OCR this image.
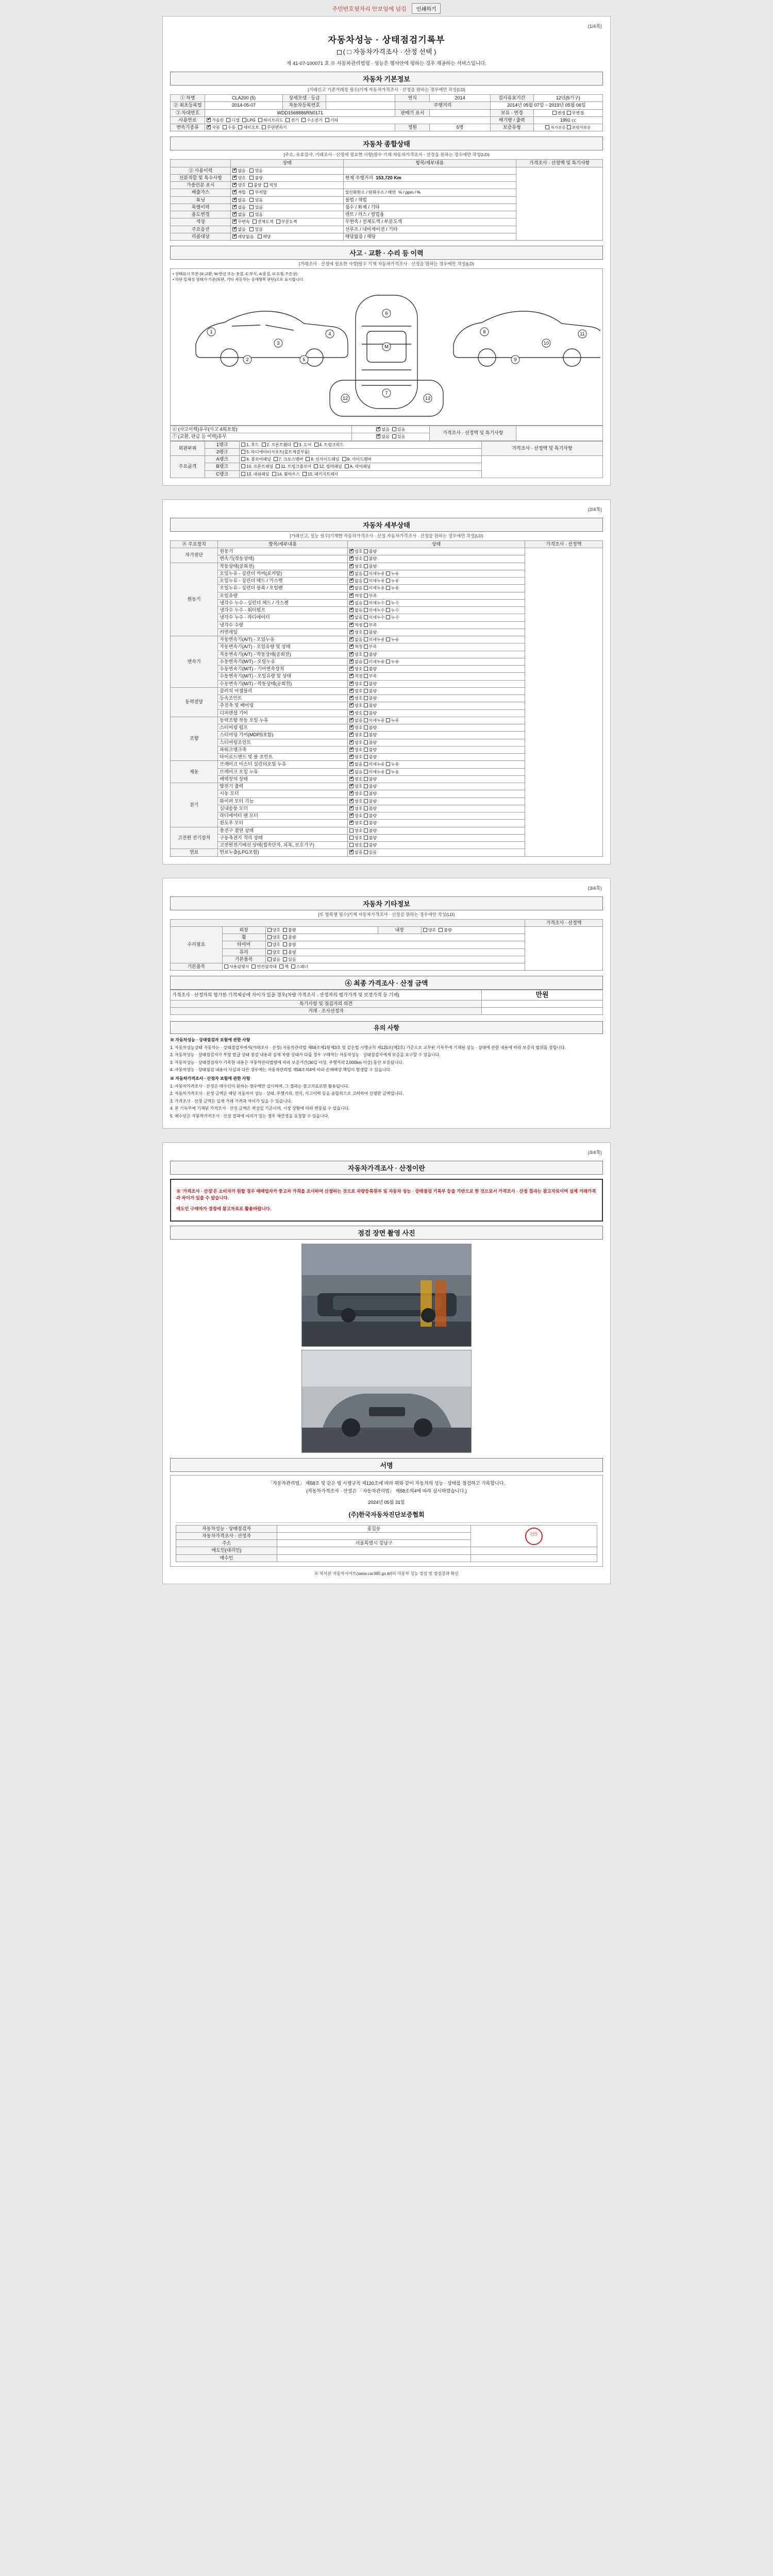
주민번호뒷자리 안보임에 넘김	인쇄하기
(1/4쪽)
자동차성능 · 상태점검기록부
( □ 자동차가격조사 · 산정 선택 )
제 41-07-100071 호 ※ 자동차관리법령 · 성능은 행사안에 평하는 경우 제공하는 서비스입니다.
자동차 기본정보
[거래신고 기준거래정 필수]기재 자동차가격조사 · 산정을 원하는 경우에만 작성(LD)
① 차명	CLA200 (5)	상세모델 · 등급		연식	2014	검사유효기간	12년(5기구)
② 최초등록일	2014-05-07	자동차등록번호		주행거리		2014년 05월 07일 ~ 2019년 05월 06일	
③ 차대번호	WDD1568886RN0171			판매기 표시		보유 · 변경	변경 무변경
사용연료	✔가솔린 디젤 LPG 하이브리드 전기 수소전기 기타					배기량 / 출력	1991 ㏄
변속기종류	✔자동 수동 세미오토 무단변속기			정원	5명	보증유형	자가보증 보험사보증
자동차 종합상태
[주요, 유효검사, 거래조사 · 산정에 필요한 사항]필수 기재 자동차가격조사 · 산정을 원하는 경우에만 작성(LD)
	상태	항목/세부내용	가격조사 · 산정액 및 특기사항
⑤ 사용이력	✔없음 있음		
선분적합 및 특수사항	✔양호 불량	현재 주행거리 153,720 Km	
가솔린분 표시	✔양호 불량 적정	
배출가스	✔적합 부적합	일산화탄소 / 탄화수소 / 매연 % / ppm / %	
튜닝	✔없음 있음	불법 / 적법	
특별이력	✔없음 있음	침수 / 화재 / 기타	
용도변경	✔없음 있음	렌트 / 리스 / 영업용	
색상	✔무변속 전체도색 부분도색	무변속 / 전체도색 / 부분도색	
주요옵션	✔없음 있음	선루프 / 내비게이션 / 기타	
리콜대상	✔해당없음 해당	해당없음 / 해당	
사고 · 교환 · 수리 등 이력
[거래조사 · 산정에 필요한 사항]필수 기재 자동차가격조사 · 산정을 원하는 경우에만 작성(LD)
• 상태표시 부분 (X:교환, W:판금 또는 용접, C:부식, A:흠집, U:요철, T:손상)
• 하단 일체성 상태가 기준(외판, 기타 자동차는 상세항목 판단)으로 표시합니다.
1
2
3
4
5
6
M
7
8
9
10
11
12	13
⑥ (사고이력)유무(사고 4회포함)	✔없음 있음	가격조사 · 산정액 및 특기사항	
⑦ (교환, 판금 등 이력)유무	✔없음 있음
외판부위	1랭크	1. 후드 2. 프론트휀더 3. 도어 4. 트렁크리드	가격조사 · 산정액 및 특기사항
	2랭크	5. 라디에이터서포트(볼트체결부품)	
주요골격	A랭크	6. 플로어패널 7. 크로스멤버 8. 인사이드패널 9. 사이드멤버	
	B랭크	10. 프론트패널 11. 트렁크플로어 12. 필러패널 A. 리어패널	
	C랭크	13. 대쉬패널 14. 휠하우스 15. 패키지트레이	
(2/4쪽)
자동차 세부상태
[거래신고, 성능 필수]기재한 자동차가격조사 · 산정 자동차가격조사 · 산정을 원하는 경우에만 작성(LD)
⑧ 주요장치	항목/세부내용	상태	가격조사 · 산정액
자가진단	원동기	✔양호 불량	
	변속기(작동상태)	✔양호 불량
원동기	작동상태(공회전)	✔양호 불량
	오일누유 - 실린더 커버(로커암)	✔없음 미세누유 누유
	오일누유 - 실린더 헤드 / 가스켓	✔없음 미세누유 누유
	오일누유 - 실린더 블록 / 오일팬	✔없음 미세누유 누유
	오일유량	✔적정 부족
	냉각수 누수 - 실린더 헤드 / 가스켓	✔없음 미세누수 누수
	냉각수 누수 - 워터펌프	✔없음 미세누수 누수
	냉각수 누수 - 라디에이터	✔없음 미세누수 누수
	냉각수 수량	✔적정 부족
	커먼레일	✔양호 불량
변속기	자동변속기(A/T) - 오일누유	✔없음 미세누유 누유
	자동변속기(A/T) - 오일유량 및 상태	✔적정 부족
	자동변속기(A/T) - 작동상태(공회전)	✔양호 불량
	수동변속기(M/T) - 오일누유	✔없음 미세누유 누유
	수동변속기(M/T) - 기어변속장치	✔양호 불량
	수동변속기(M/T) - 오일유량 및 상태	✔적정 부족
	수동변속기(M/T) - 작동상태(공회전)	✔양호 불량
동력전달	클러치 어셈블리	✔양호 불량
	등속조인트	✔양호 불량
	추진축 및 베어링	✔양호 불량
	디퍼렌셜 기어	✔양호 불량
조향	동력조향 작동 오일 누유	✔없음 미세누유 누유
	스티어링 펌프	✔양호 불량
	스티어링 기어(MDPS포함)	✔양호 불량
	스티어링조인트	✔양호 불량
	파워크랭크축	✔양호 불량
	타이로드엔드 및 볼 조인트	✔양호 불량
제동	브레이크 마스터 실린더오일 누유	✔없음 미세누유 누유
	브레이크 오일 누유	✔없음 미세누유 누유
	배력장치 상태	✔양호 불량
전기	발전기 출력	✔양호 불량
	시동 모터	✔양호 불량
	와이퍼 모터 기능	✔양호 불량
	실내송풍 모터	✔양호 불량
	라디에이터 팬 모터	✔양호 불량
	윈도우 모터	✔양호 불량
고전원 전기장치	충전구 절연 상태	양호 불량	
	구동축전지 격리 상태	양호 불량	
	고전원전기배선 상태(접속단자, 피복, 보호기구)	양호 불량	
연료	연료누출(LPG포함)	✔없음 있음
(3/4쪽)
자동차 기타정보
[또 항목별 필수]기재 자동차가격조사 · 산정을 원하는 경우에만 작성(LD)
					가격조사 · 산정액
수리필요	외장	양호 불량	내장	양호 불량	
	휠	양호 불량			
	타이어	양호 불량			
	유리	양호 불량			
	기본품목	없음 있음			
기본품목	사용설명서 안전삼각대 잭 스패너				
④ 최종 가격조사 · 산정 금액
가격조사 · 산정자의 평가한 가격제공에 차이가 있을 경우(차량 가격조사 · 산정자의 평가가격 및 보정가격 등 기재)	만원
특기사항 및 점검자의 의견	
거래 · 조사산정자	
유의 사항

※ 자동차성능 · 상태점검자 보험에 관한 사항

1. 자동차성능상태 자동차는 · 상태점검자에게(거래조사 · 산정) 자동차관리법 제58조제1항제3호 및 같은법 시행규칙 제120조(제2호) 기준으로 교부된 기록부에 기재된 성능 · 상태에 관한 내용에 따라 보증의 범위를 정합니다.

2. 자동차성능 · 상태점검자가 부당 발급 상태 점검 내용과 실제 차량 상태가 다를 경우 구매자는 자동차성능 · 상태점검자에게 보증을 요구할 수 있습니다.

3. 자동차성능 · 상태점검자가 기록한 내용은 자동차관리법령에 따라 보증기간(30일 이상, 주행거리 2,000km 이상) 동안 보증됩니다.

4. 자동차성능 · 상태점검 내용이 사실과 다른 경우에는 자동차관리법 제58조의4에 따라 손해배상 책임이 발생할 수 있습니다.

※ 자동차가격조사 · 산정자 보험에 관한 사항

1. 자동차가격조사 · 산정은 매수인이 원하는 경우에만 실시하며, 그 결과는 참고자료로만 활용됩니다.

2. 자동차가격조사 · 산정 금액은 해당 자동차의 성능 · 상태, 주행거리, 연식, 사고이력 등을 종합적으로 고려하여 산정한 금액입니다.

3. 가격조사 · 산정 금액은 실제 거래 가격과 차이가 있을 수 있습니다.

4. 본 기록부에 기재된 가격조사 · 산정 금액은 작성일 기준이며, 시장 상황에 따라 변동될 수 있습니다.

5. 매수인은 자동차가격조사 · 산정 결과에 이의가 있는 경우 재산정을 요청할 수 있습니다.

(4/4쪽)
자동차가격조사 · 산정이란

※ '가격조사 · 산정'은 소비자가 원할 경우 매매업자가 중고차 가격을 조사하여 산정하는 것으로 차량등록원부 및 자동차 성능 · 상태점검 기록부 등을 기반으로 한 것으로서 가격조사 · 산정 결과는 참고자료이며 실제 거래가격과 차이가 있을 수 있습니다.

매도인 구매자가 경정에 참고자료로 활용바랍니다.

점검 장면 촬영 사진
서명
「자동차관리법」 제58조 및 같은 법 시행규칙 제120조에 따라 위와 같이 자동차의 성능 · 상태를 점검하고 기록합니다.
(자동차가격조사 · 산정은 「자동차관리법」 제58조의4에 따라 실시하였습니다.)
2024년 05월 31일
(주)한국자동차진단보증협회
자동차성능 · 상태점검자	홍길동	(인)
자동차가격조사 · 산정자		
주소	서울특별시 강남구	
매도인(대리인)		
매수인		
※ 복사본 자동차사이트(www.car365.go.kr)의 자동차 성능 점검 및 점검결과 확인
